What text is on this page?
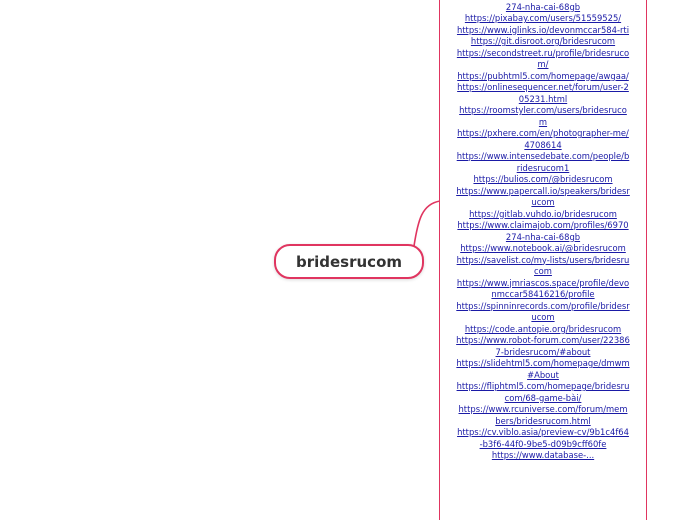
bridesrucom
274-nha-cai-68gb
https://pixabay.com/users/51559525/
https://www.iglinks.io/devonmccar584-rti
https://git.disroot.org/bridesrucom
https://secondstreet.ru/profile/bridesrucom/
https://pubhtml5.com/homepage/awgaa/
https://onlinesequencer.net/forum/user-205231.html
https://roomstyler.com/users/bridesrucom
https://pxhere.com/en/photographer-me/4708614
https://www.intensedebate.com/people/bridesrucom1
https://bulios.com/@bridesrucom
https://www.papercall.io/speakers/bridesrucom
https://gitlab.vuhdo.io/bridesrucom
https://www.claimajob.com/profiles/6970274-nha-cai-68gb
https://www.notebook.ai/@bridesrucom
https://savelist.co/my-lists/users/bridesrucom
https://www.jmriascos.space/profile/devonmccar58416216/profile
https://spinninrecords.com/profile/bridesrucom
https://code.antopie.org/bridesrucom
https://www.robot-forum.com/user/223867-bridesrucom/#about
https://slidehtml5.com/homepage/dmwm#About
https://fliphtml5.com/homepage/bridesrucom/68-game-bài/
https://www.rcuniverse.com/forum/members/bridesrucom.html
https://cv.viblo.asia/preview-cv/9b1c4f64-b3f6-44f0-9be5-d09b9cff60fe
https://www.database-...
